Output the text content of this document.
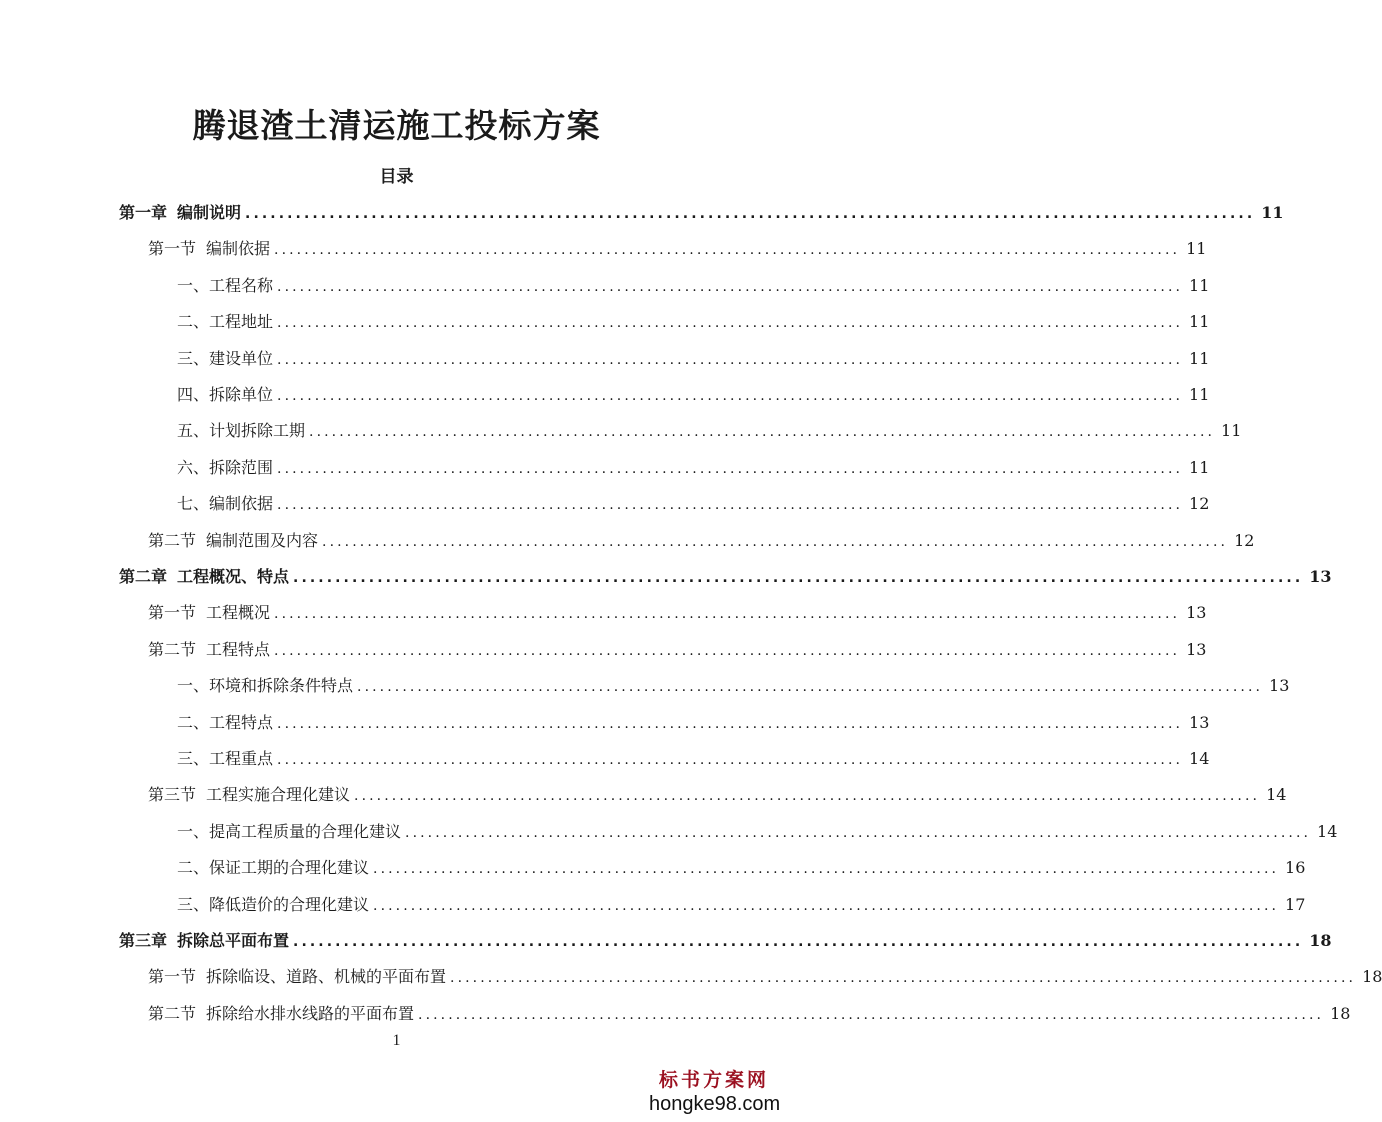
腾退渣土清运施工投标方案
目录
第一章 编制说明 ........................................................................................................................ 11
第一节 编制依据 ........................................................................................................................ 11
一、工程名称 ........................................................................................................................ 11
二、工程地址 ........................................................................................................................ 11
三、建设单位 ........................................................................................................................ 11
四、拆除单位 ........................................................................................................................ 11
五、计划拆除工期 ........................................................................................................................ 11
六、拆除范围 ........................................................................................................................ 11
七、编制依据 ........................................................................................................................ 12
第二节 编制范围及内容 ........................................................................................................................ 12
第二章 工程概况、特点 ........................................................................................................................ 13
第一节 工程概况 ........................................................................................................................ 13
第二节 工程特点 ........................................................................................................................ 13
一、环境和拆除条件特点 ........................................................................................................................ 13
二、工程特点 ........................................................................................................................ 13
三、工程重点 ........................................................................................................................ 14
第三节 工程实施合理化建议 ........................................................................................................................ 14
一、提高工程质量的合理化建议 ........................................................................................................................ 14
二、保证工期的合理化建议 ........................................................................................................................ 16
三、降低造价的合理化建议 ........................................................................................................................ 17
第三章 拆除总平面布置 ........................................................................................................................ 18
第一节 拆除临设、道路、机械的平面布置 ........................................................................................................................ 18
第二节 拆除给水排水线路的平面布置 ........................................................................................................................ 18
1
标书方案网
hongke98.com
